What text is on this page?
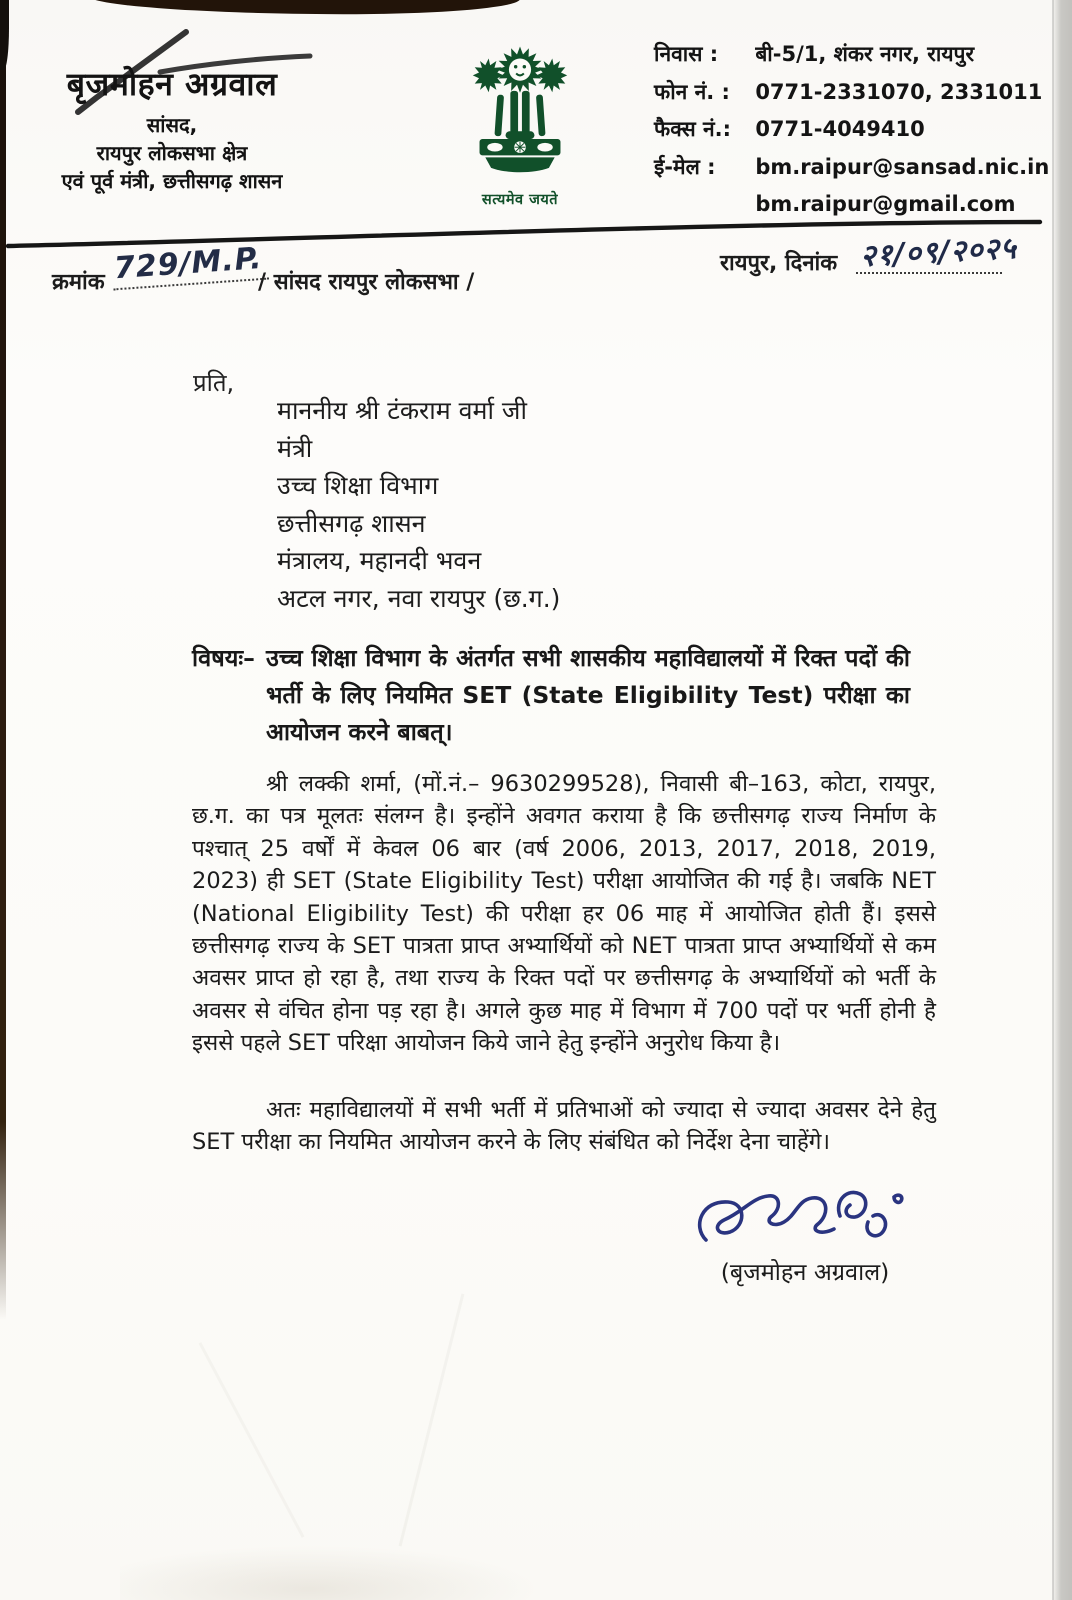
बृजमोहन अग्रवाल
सांसद,
रायपुर लोकसभा क्षेत्र
एवं पूर्व मंत्री, छत्तीसगढ़ शासन
सत्यमेव जयते
निवास : बी-5/1, शंकर नगर, रायपुर
फोन नं. : 0771-2331070, 2331011
फैक्स नं.: 0771-4049410
ई-मेल : bm.raipur@sansad.nic.in
bm.raipur@gmail.com
क्रमांक 729/M.P.
/ सांसद रायपुर लोकसभा /
रायपुर, दिनांक २१/०९/२०२५
प्रति,
माननीय श्री टंकराम वर्मा जी
मंत्री
उच्च शिक्षा विभाग
छत्तीसगढ़ शासन
मंत्रालय, महानदी भवन
अटल नगर, नवा रायपुर (छ.ग.)
विषयः– उच्च शिक्षा विभाग के अंतर्गत सभी शासकीय महाविद्यालयों में रिक्त पदों की भर्ती के लिए नियमित SET (State Eligibility Test) परीक्षा का आयोजन करने बाबत्।

श्री लक्की शर्मा, (मों.नं.– 9630299528), निवासी बी–163, कोटा, रायपुर, छ.ग. का पत्र मूलतः संलग्न है। इन्होंने अवगत कराया है कि छत्तीसगढ़ राज्य निर्माण के पश्चात् 25 वर्षों में केवल 06 बार (वर्ष 2006, 2013, 2017, 2018, 2019, 2023) ही SET (State Eligibility Test) परीक्षा आयोजित की गई है। जबकि NET (National Eligibility Test) की परीक्षा हर 06 माह में आयोजित होती हैं। इससे छत्तीसगढ़ राज्य के SET पात्रता प्राप्त अभ्यार्थियों को NET पात्रता प्राप्त अभ्यार्थियों से कम अवसर प्राप्त हो रहा है, तथा राज्य के रिक्त पदों पर छत्तीसगढ़ के अभ्यार्थियों को भर्ती के अवसर से वंचित होना पड़ रहा है। अगले कुछ माह में विभाग में 700 पदों पर भर्ती होनी है इससे पहले SET परिक्षा आयोजन किये जाने हेतु इन्होंने अनुरोध किया है।

अतः महाविद्यालयों में सभी भर्ती में प्रतिभाओं को ज्यादा से ज्यादा अवसर देने हेतु SET परीक्षा का नियमित आयोजन करने के लिए संबंधित को निर्देश देना चाहेंगे।

(बृजमोहन अग्रवाल)
